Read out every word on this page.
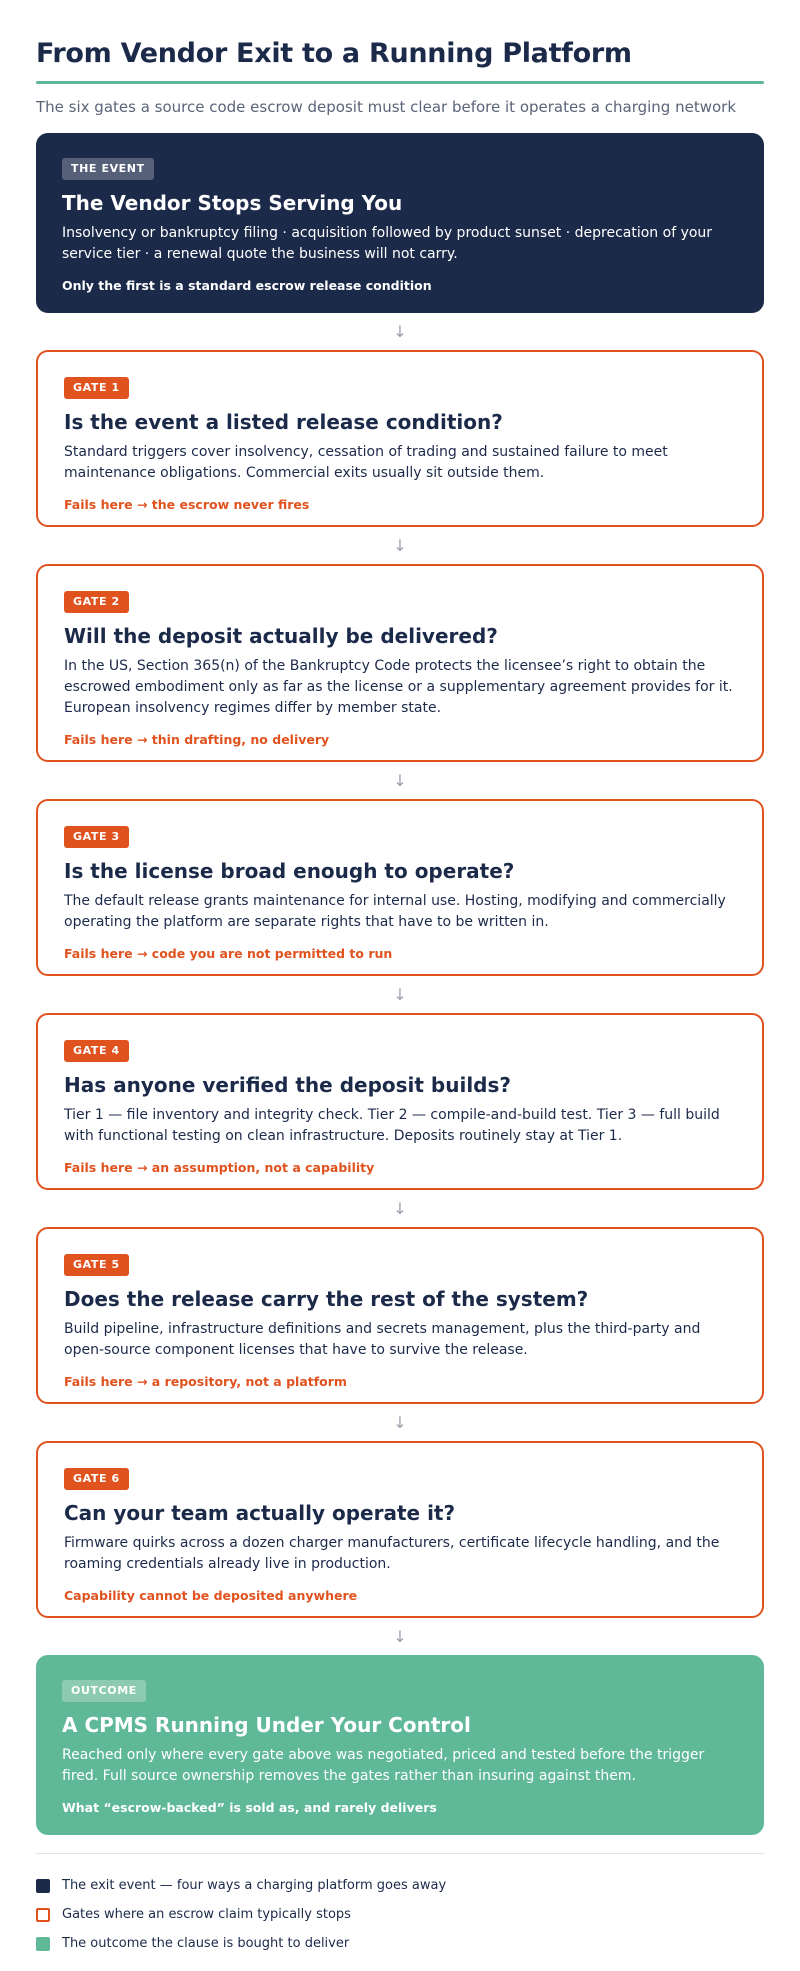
From Vendor Exit to a Running Platform
The six gates a source code escrow deposit must clear before it operates a charging network
THE EVENT
The Vendor Stops Serving You
Insolvency or bankruptcy filing · acquisition followed by product sunset · deprecation of your service tier · a renewal quote the business will not carry.
Only the first is a standard escrow release condition
↓
GATE 1
Is the event a listed release condition?
Standard triggers cover insolvency, cessation of trading and sustained failure to meet maintenance obligations. Commercial exits usually sit outside them.
Fails here → the escrow never fires
↓
GATE 2
Will the deposit actually be delivered?
In the US, Section 365(n) of the Bankruptcy Code protects the licensee’s right to obtain the escrowed embodiment only as far as the license or a supplementary agreement provides for it. European insolvency regimes differ by member state.
Fails here → thin drafting, no delivery
↓
GATE 3
Is the license broad enough to operate?
The default release grants maintenance for internal use. Hosting, modifying and commercially operating the platform are separate rights that have to be written in.
Fails here → code you are not permitted to run
↓
GATE 4
Has anyone verified the deposit builds?
Tier 1 — file inventory and integrity check. Tier 2 — compile-and-build test. Tier 3 — full build with functional testing on clean infrastructure. Deposits routinely stay at Tier 1.
Fails here → an assumption, not a capability
↓
GATE 5
Does the release carry the rest of the system?
Build pipeline, infrastructure definitions and secrets management, plus the third-party and open-source component licenses that have to survive the release.
Fails here → a repository, not a platform
↓
GATE 6
Can your team actually operate it?
Firmware quirks across a dozen charger manufacturers, certificate lifecycle handling, and the roaming credentials already live in production.
Capability cannot be deposited anywhere
↓
OUTCOME
A CPMS Running Under Your Control
Reached only where every gate above was negotiated, priced and tested before the trigger fired. Full source ownership removes the gates rather than insuring against them.
What “escrow-backed” is sold as, and rarely delivers
The exit event — four ways a charging platform goes away
Gates where an escrow claim typically stops
The outcome the clause is bought to deliver
